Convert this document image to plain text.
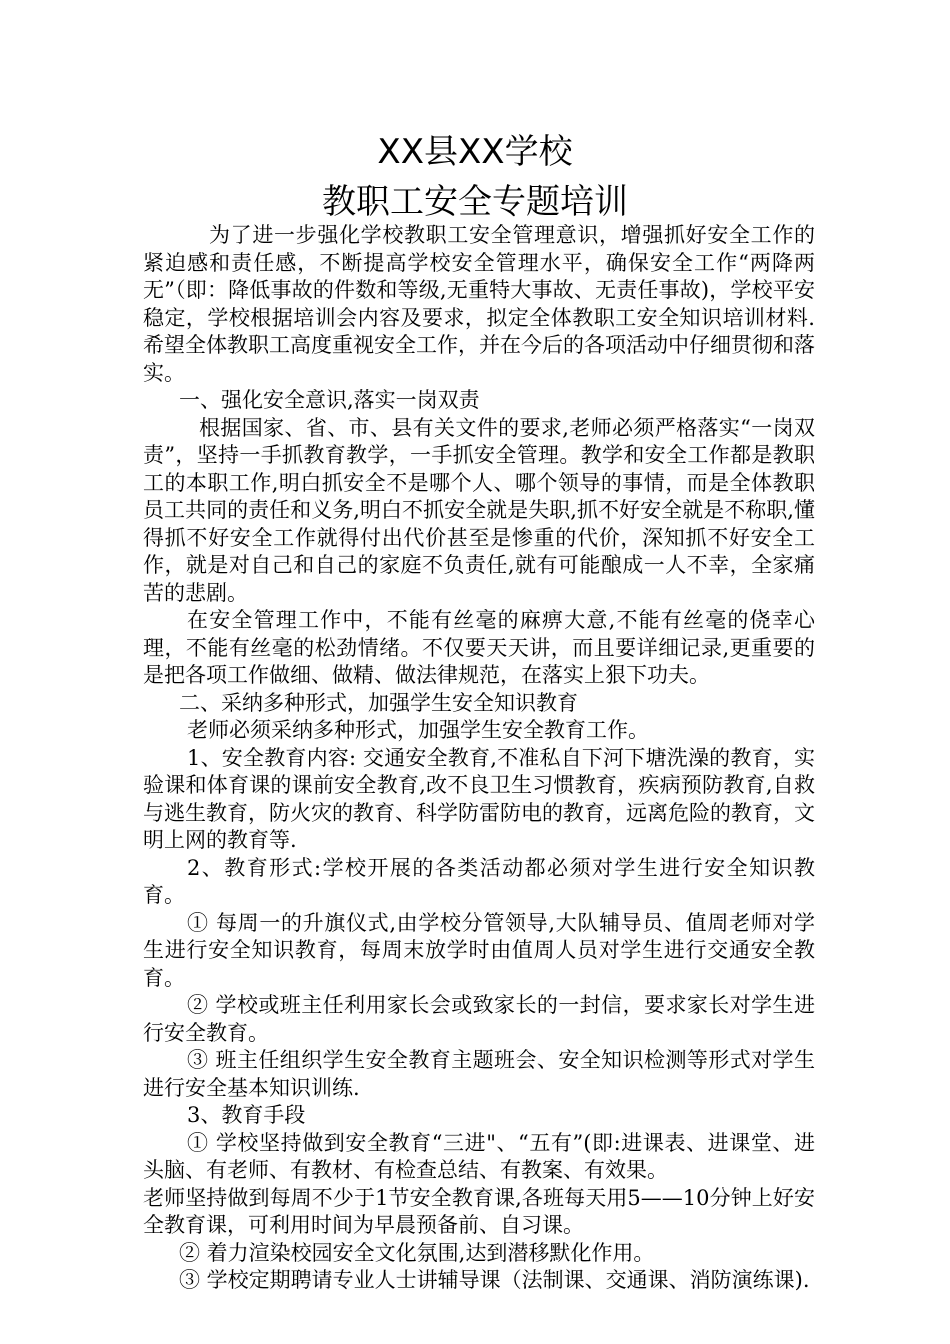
XX县XX学校
教职工安全专题培训

为了进一步强化学校教职工安全管理意识，增强抓好安全工作的紧迫感和责任感，不断提高学校安全管理水平，确保安全工作“两降两无”（即：降低事故的件数和等级,无重特大事故、无责任事故)，学校平安稳定，学校根据培训会内容及要求，拟定全体教职工安全知识培训材料.希望全体教职工高度重视安全工作，并在今后的各项活动中仔细贯彻和落实。

一、强化安全意识,落实一岗双责

根据国家、省、市、县有关文件的要求,老师必须严格落实“一岗双责”，坚持一手抓教育教学，一手抓安全管理。教学和安全工作都是教职工的本职工作,明白抓安全不是哪个人、哪个领导的事情，而是全体教职员工共同的责任和义务,明白不抓安全就是失职,抓不好安全就是不称职,懂得抓不好安全工作就得付出代价甚至是惨重的代价，深知抓不好安全工作，就是对自己和自己的家庭不负责任,就有可能酿成一人不幸，全家痛苦的悲剧。

在安全管理工作中，不能有丝毫的麻痹大意,不能有丝毫的侥幸心理，不能有丝毫的松劲情绪。不仅要天天讲，而且要详细记录,更重要的是把各项工作做细、做精、做法律规范，在落实上狠下功夫。

二、采纳多种形式，加强学生安全知识教育

老师必须采纳多种形式，加强学生安全教育工作。

1、安全教育内容: 交通安全教育,不准私自下河下塘洗澡的教育，实验课和体育课的课前安全教育,改不良卫生习惯教育，疾病预防教育,自救与逃生教育，防火灾的教育、科学防雷防电的教育，远离危险的教育，文明上网的教育等.

2、教育形式:学校开展的各类活动都必须对学生进行安全知识教育。

① 每周一的升旗仪式,由学校分管领导,大队辅导员、值周老师对学生进行安全知识教育，每周末放学时由值周人员对学生进行交通安全教育。

② 学校或班主任利用家长会或致家长的一封信，要求家长对学生进行安全教育。

③ 班主任组织学生安全教育主题班会、安全知识检测等形式对学生进行安全基本知识训练.

3、教育手段

① 学校坚持做到安全教育“三进"、“五有”(即:进课表、进课堂、进头脑、有老师、有教材、有检查总结、有教案、有效果。

老师坚持做到每周不少于1节安全教育课,各班每天用5——10分钟上好安全教育课，可利用时间为早晨预备前、自习课。

② 着力渲染校园安全文化氛围,达到潜移默化作用。

③ 学校定期聘请专业人士讲辅导课（法制课、交通课、消防演练课).
